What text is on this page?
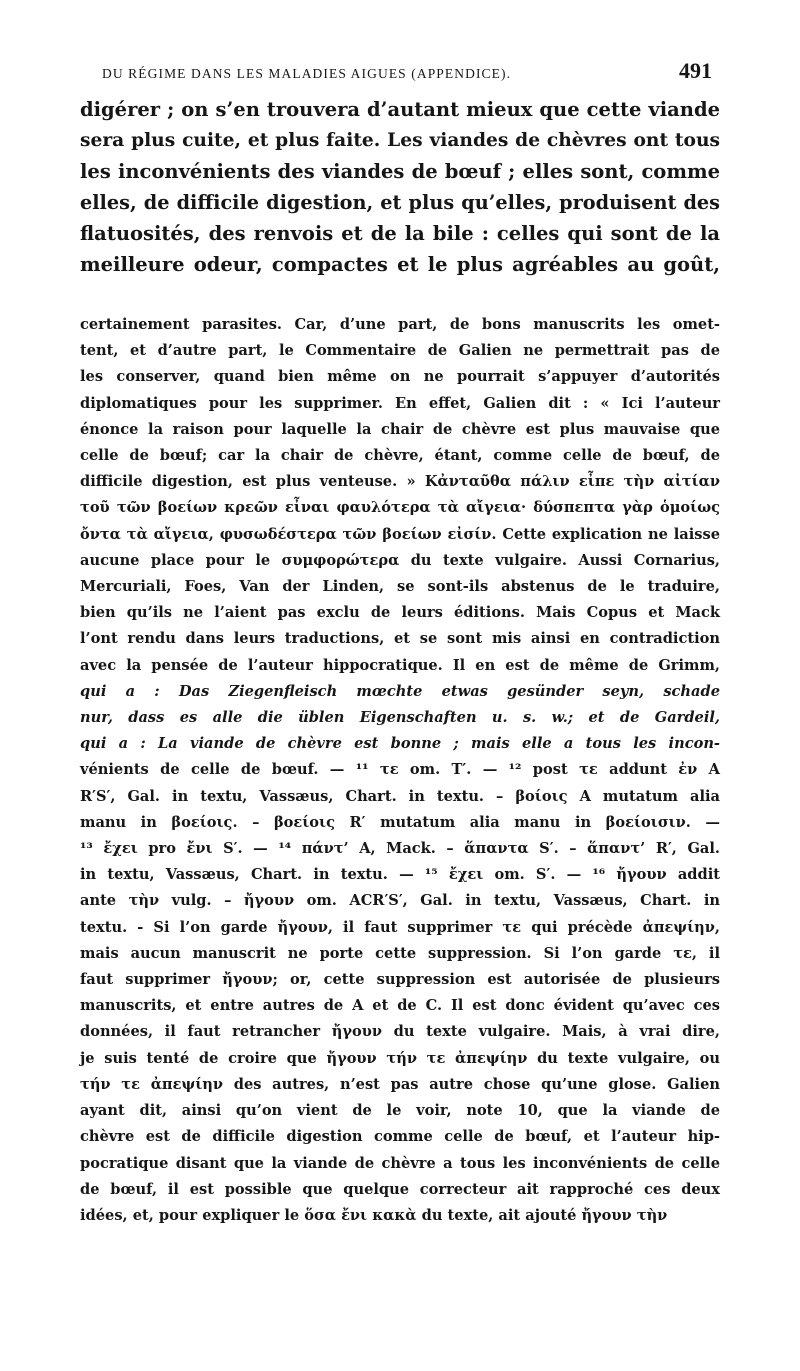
DU RÉGIME DANS LES MALADIES AIGUES (APPENDICE).	491
digérer ; on s’en trouvera d’autant mieux que cette viande
sera plus cuite, et plus faite. Les viandes de chèvres ont tous
les inconvénients des viandes de bœuf ; elles sont, comme
elles, de difficile digestion, et plus qu’elles, produisent des
flatuosités, des renvois et de la bile : celles qui sont de la
meilleure odeur, compactes et le plus agréables au goût,
certainement parasites. Car, d’une part, de bons manuscrits les omet-
tent, et d’autre part, le Commentaire de Galien ne permettrait pas de
les conserver, quand bien même on ne pourrait s’appuyer d’autorités
diplomatiques pour les supprimer. En effet, Galien dit : « Ici l’auteur
énonce la raison pour laquelle la chair de chèvre est plus mauvaise que
celle de bœuf; car la chair de chèvre, étant, comme celle de bœuf, de
difficile digestion, est plus venteuse. » Κἀνταῦθα πάλιν εἶπε τὴν αἰτίαν
τοῦ τῶν βοείων κρεῶν εἶναι φαυλότερα τὰ αἴγεια· δύσπεπτα γὰρ ὁμοίως
ὄντα τὰ αἴγεια, φυσωδέστερα τῶν βοείων εἰσίν. Cette explication ne laisse
aucune place pour le συμφορώτερα du texte vulgaire. Aussi Cornarius,
Mercuriali, Foes, Van der Linden, se sont-ils abstenus de le traduire,
bien qu’ils ne l’aient pas exclu de leurs éditions. Mais Copus et Mack
l’ont rendu dans leurs traductions, et se sont mis ainsi en contradiction
avec la pensée de l’auteur hippocratique. Il en est de même de Grimm,
qui a : Das Ziegenfleisch mœchte etwas gesünder seyn, schade
nur, dass es alle die üblen Eigenschaften u. s. w.; et de Gardeil,
qui a : La viande de chèvre est bonne ; mais elle a tous les incon-
vénients de celle de bœuf. — ¹¹ τε om. T′. — ¹² post τε addunt ἐν A
R′S′, Gal. in textu, Vassæus, Chart. in textu. – βοίοις A mutatum alia
manu in βοείοις. – βοείοις R′ mutatum alia manu in βοείοισιν. —
¹³ ἔχει pro ἔνι S′. — ¹⁴ πάντ’ A, Mack. – ἅπαντα S′. – ἅπαντ’ R′, Gal.
in textu, Vassæus, Chart. in textu. — ¹⁵ ἔχει om. S′. — ¹⁶ ἤγουν addit
ante τὴν vulg. – ἤγουν om. ACR′S′, Gal. in textu, Vassæus, Chart. in
textu. - Si l’on garde ἤγουν, il faut supprimer τε qui précède ἀπεψίην,
mais aucun manuscrit ne porte cette suppression. Si l’on garde τε, il
faut supprimer ἤγουν; or, cette suppression est autorisée de plusieurs
manuscrits, et entre autres de A et de C. Il est donc évident qu’avec ces
données, il faut retrancher ἤγουν du texte vulgaire. Mais, à vrai dire,
je suis tenté de croire que ἤγουν τήν τε ἀπεψίην du texte vulgaire, ou
τήν τε ἀπεψίην des autres, n’est pas autre chose qu’une glose. Galien
ayant dit, ainsi qu’on vient de le voir, note 10, que la viande de
chèvre est de difficile digestion comme celle de bœuf, et l’auteur hip-
pocratique disant que la viande de chèvre a tous les inconvénients de celle
de bœuf, il est possible que quelque correcteur ait rapproché ces deux
idées, et, pour expliquer le ὅσα ἔνι κακὰ du texte, ait ajouté ἤγουν τὴν
